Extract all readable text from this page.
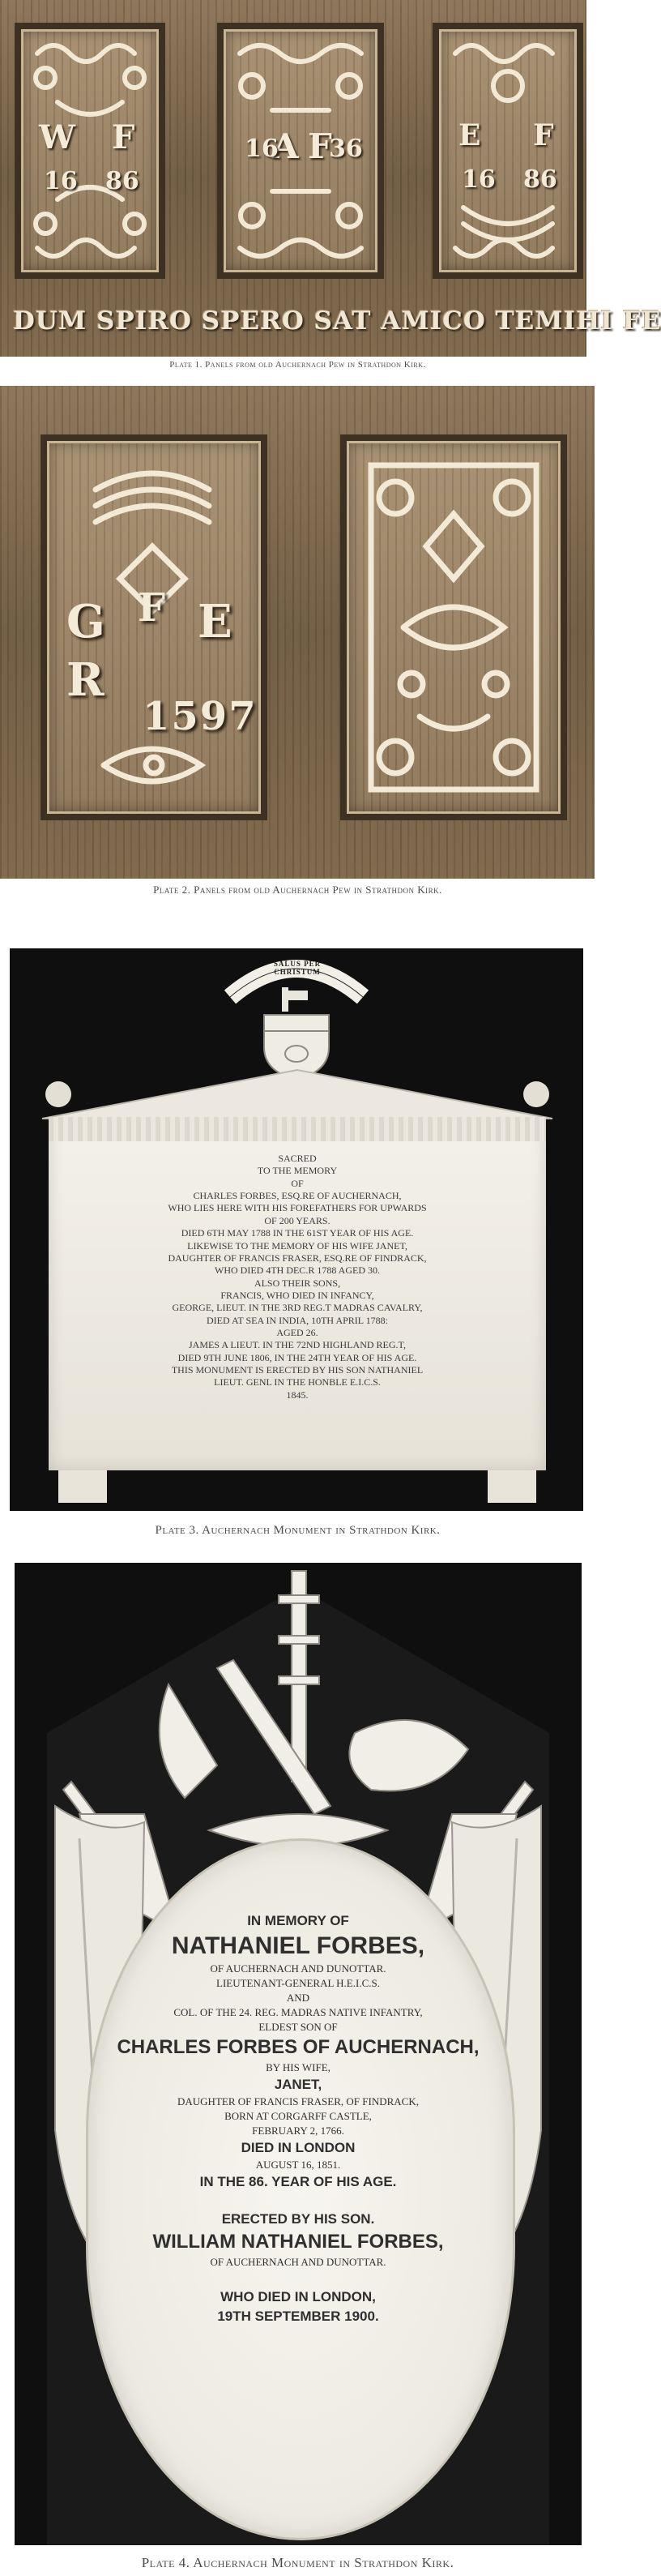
W F
16 86
A F
16 36	E F
16 86
DUM SPIRO SPERO SAT AMICO TEMIHI FE
Plate 1. Panels from old Auchernach Pew in Strathdon Kirk.
G F E
R
1597
Plate 2. Panels from old Auchernach Pew in Strathdon Kirk.
SALUS PER CHRISTUM
SACRED
TO THE MEMORY
OF
CHARLES FORBES, ESQ.RE OF AUCHERNACH,
WHO LIES HERE WITH HIS FOREFATHERS FOR UPWARDS
OF 200 YEARS.
DIED 6TH MAY 1788 IN THE 61ST YEAR OF HIS AGE.
LIKEWISE TO THE MEMORY OF HIS WIFE JANET,
DAUGHTER OF FRANCIS FRASER, ESQ.RE OF FINDRACK,
WHO DIED 4TH DEC.R 1788 AGED 30.
ALSO THEIR SONS,
FRANCIS, WHO DIED IN INFANCY,
GEORGE, LIEUT. IN THE 3RD REG.T MADRAS CAVALRY,
DIED AT SEA IN INDIA, 10TH APRIL 1788:
AGED 26.
JAMES A LIEUT. IN THE 72ND HIGHLAND REG.T,
DIED 9TH JUNE 1806, IN THE 24TH YEAR OF HIS AGE.
THIS MONUMENT IS ERECTED BY HIS SON NATHANIEL
LIEUT. GENL IN THE HONBLE E.I.C.S.
1845.
Plate 3. Auchernach Monument in Strathdon Kirk.
IN MEMORY OF
NATHANIEL FORBES,
OF AUCHERNACH AND DUNOTTAR.
LIEUTENANT-GENERAL H.E.I.C.S.
AND
COL. OF THE 24. REG. MADRAS NATIVE INFANTRY,
ELDEST SON OF
CHARLES FORBES OF AUCHERNACH,
BY HIS WIFE,
JANET,
DAUGHTER OF FRANCIS FRASER, OF FINDRACK,
BORN AT CORGARFF CASTLE,
FEBRUARY 2, 1766.
DIED IN LONDON
AUGUST 16, 1851.
IN THE 86. YEAR OF HIS AGE.
ERECTED BY HIS SON.
WILLIAM NATHANIEL FORBES,
OF AUCHERNACH AND DUNOTTAR.
WHO DIED IN LONDON,
19TH SEPTEMBER 1900.
Plate 4. Auchernach Monument in Strathdon Kirk.
